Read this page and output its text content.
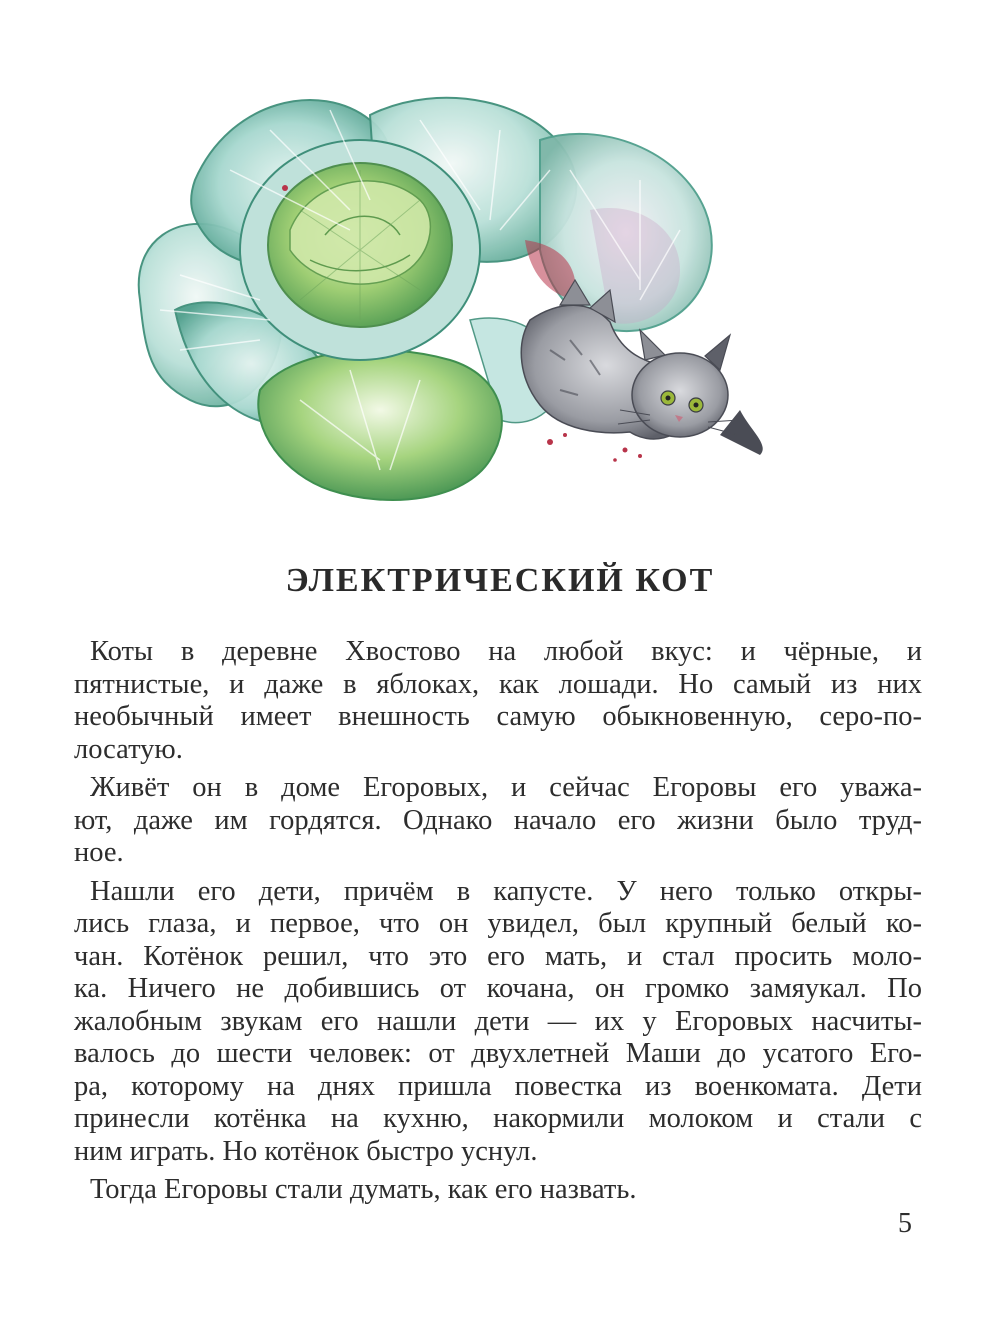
ЭЛЕКТРИЧЕСКИЙ КОТ

Коты в деревне Хвостово на любой вкус: и чёрные, и
пятнистые, и даже в яблоках, как лошади. Но самый из них
необычный имеет внешность самую обыкновенную, серо-по-
лосатую.

Живёт он в доме Егоровых, и сейчас Егоровы его уважа-
ют, даже им гордятся. Однако начало его жизни было труд-
ное.

Нашли его дети, причём в капусте. У него только откры-
лись глаза, и первое, что он увидел, был крупный белый ко-
чан. Котёнок решил, что это его мать, и стал просить моло-
ка. Ничего не добившись от кочана, он громко замяукал. По
жалобным звукам его нашли дети — их у Егоровых насчиты-
валось до шести человек: от двухлетней Маши до усатого Его-
ра, которому на днях пришла повестка из военкомата. Дети
принесли котёнка на кухню, накормили молоком и стали с
ним играть. Но котёнок быстро уснул.

Тогда Егоровы стали думать, как его назвать.

5
